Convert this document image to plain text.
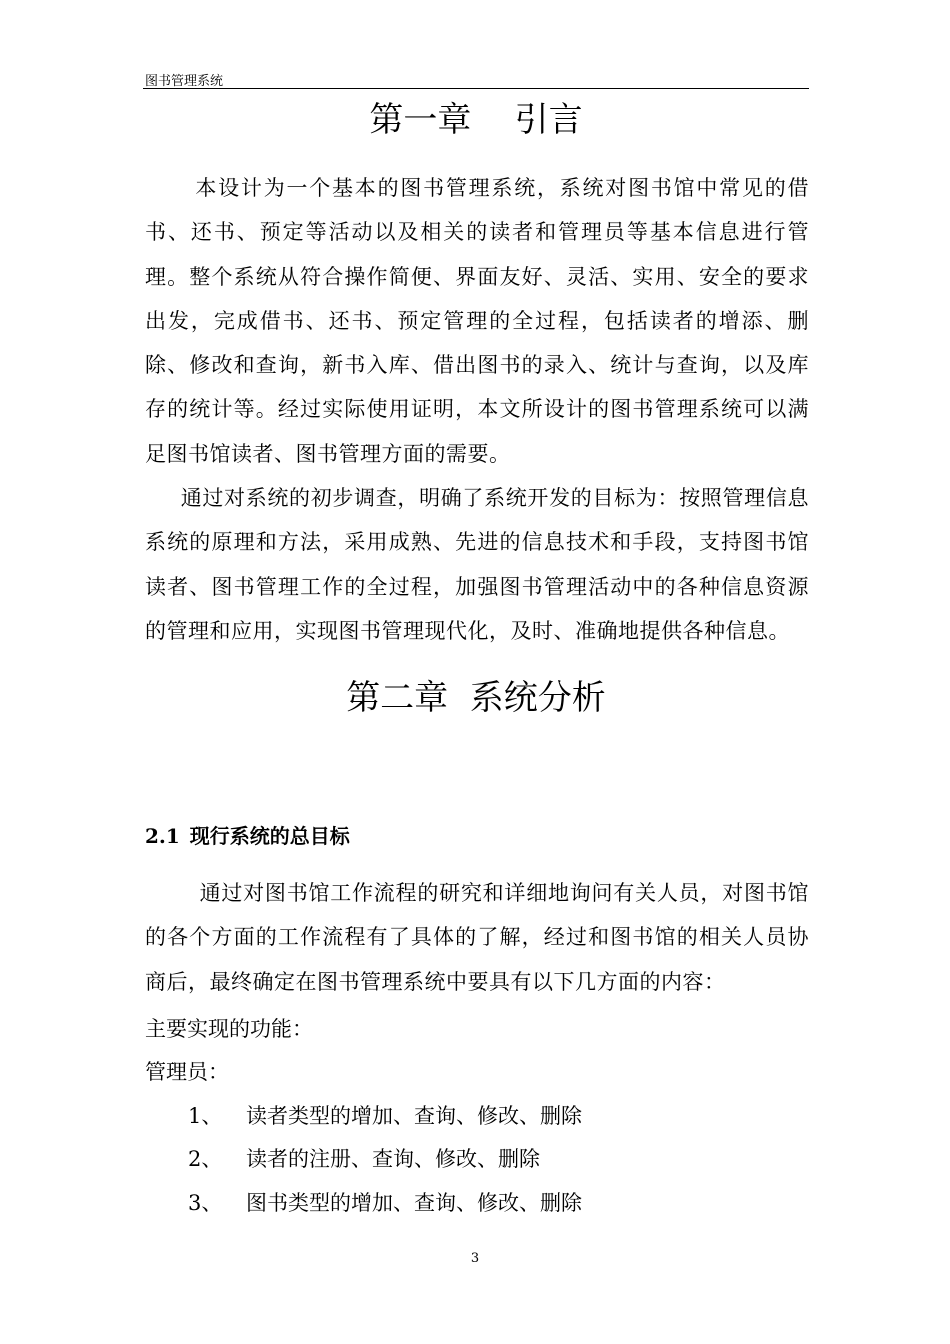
图书管理系统
第一章    引言

本设计为一个基本的图书管理系统，系统对图书馆中常见的借书、还书、预定等活动以及相关的读者和管理员等基本信息进行管理。整个系统从符合操作简便、界面友好、灵活、实用、安全的要求出发，完成借书、还书、预定管理的全过程，包括读者的增添、删除、修改和查询，新书入库、借出图书的录入、统计与查询，以及库存的统计等。经过实际使用证明，本文所设计的图书管理系统可以满足图书馆读者、图书管理方面的需要。

通过对系统的初步调查，明确了系统开发的目标为：按照管理信息系统的原理和方法，采用成熟、先进的信息技术和手段，支持图书馆读者、图书管理工作的全过程，加强图书管理活动中的各种信息资源的管理和应用，实现图书管理现代化，及时、准确地提供各种信息。

第二章  系统分析
2.1 现行系统的总目标

通过对图书馆工作流程的研究和详细地询问有关人员，对图书馆的各个方面的工作流程有了具体的了解，经过和图书馆的相关人员协商后，最终确定在图书管理系统中要具有以下几方面的内容：

主要实现的功能：

管理员：

1、 读者类型的增加、查询、修改、删除
2、 读者的注册、查询、修改、删除
3、 图书类型的增加、查询、修改、删除
3
